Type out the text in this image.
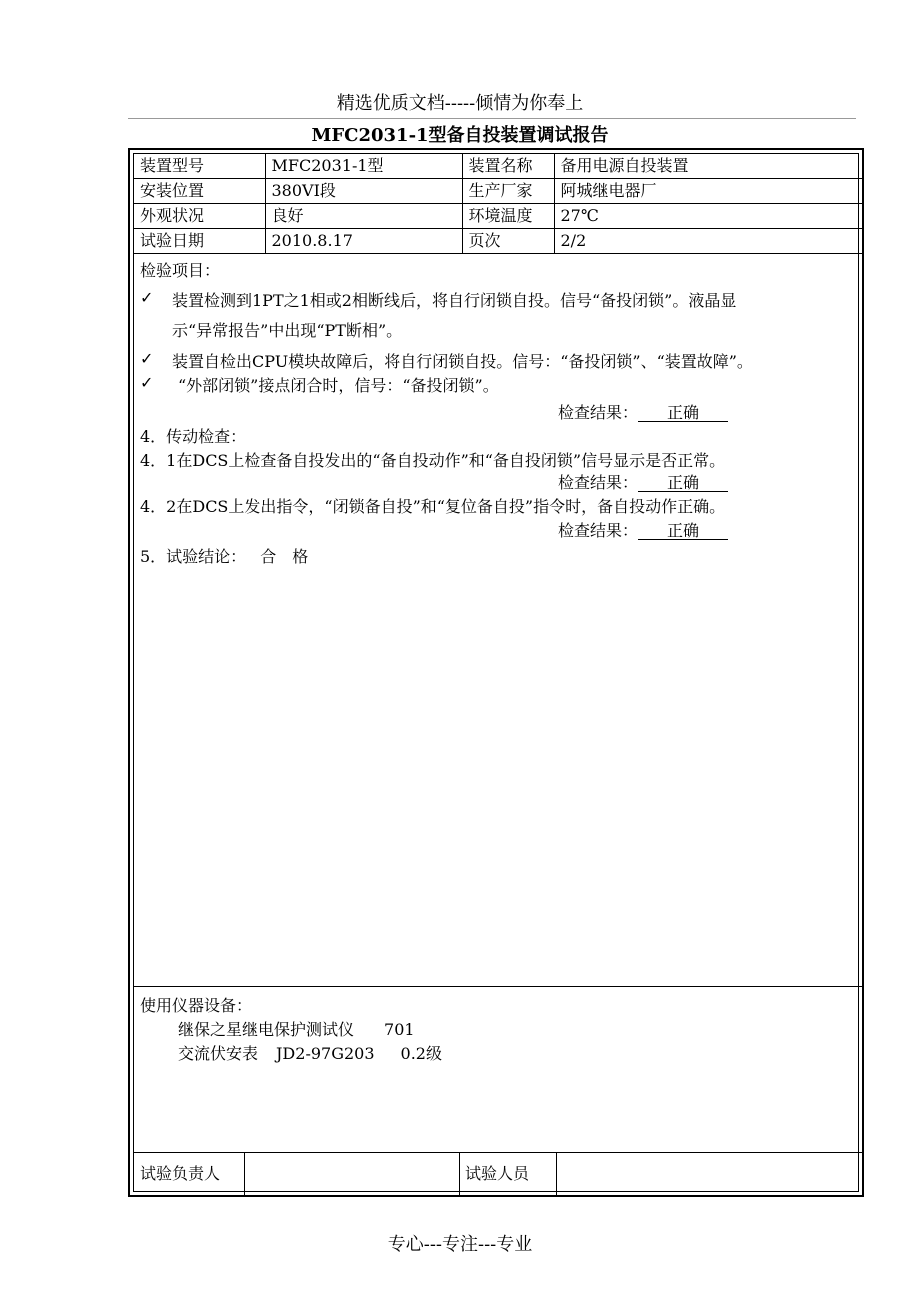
精选优质文档-----倾情为你奉上
MFC2031-1型备自投装置调试报告
装置型号	MFC2031-1型	装置名称	备用电源自投装置
安装位置	380VⅠ段	生产厂家	阿城继电器厂
外观状况	良好	环境温度	27℃
试验日期	2010.8.17	页次	2/2
检验项目：
✓ 装置检测到1PT之1相或2相断线后，将自行闭锁自投。信号“备投闭锁”。液晶显
示“异常报告”中出现“PT断相”。
✓ 装置自检出CPU模块故障后，将自行闭锁自投。信号：“备投闭锁”、“装置故障”。
✓ “外部闭锁”接点闭合时，信号：“备投闭锁”。
检查结果： 正确
4．传动检查：
4．1在DCS上检查备自投发出的“备自投动作”和“备自投闭锁”信号显示是否正常。
检查结果： 正确
4．2在DCS上发出指令，“闭锁备自投”和“复位备自投”指令时，备自投动作正确。
检查结果： 正确
5．试验结论： 合　格
使用仪器设备：
继保之星继电保护测试仪 701
交流伏安表 JD2-97G203 0.2级
试验负责人	试验人员
专心---专注---专业
